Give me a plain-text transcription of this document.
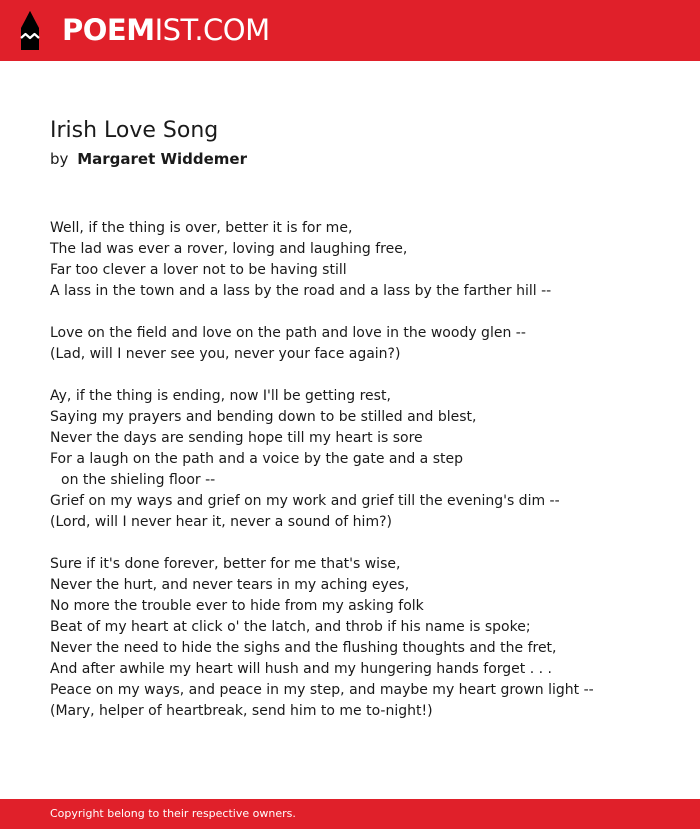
POEMIST.COM
Irish Love Song
by Margaret Widdemer
Well, if the thing is over, better it is for me,
The lad was ever a rover, loving and laughing free,
Far too clever a lover not to be having still
A lass in the town and a lass by the road and a lass by the farther hill --
Love on the field and love on the path and love in the woody glen --
(Lad, will I never see you, never your face again?)
Ay, if the thing is ending, now I'll be getting rest,
Saying my prayers and bending down to be stilled and blest,
Never the days are sending hope till my heart is sore
For a laugh on the path and a voice by the gate and a step
on the shieling floor --
Grief on my ways and grief on my work and grief till the evening's dim --
(Lord, will I never hear it, never a sound of him?)
Sure if it's done forever, better for me that's wise,
Never the hurt, and never tears in my aching eyes,
No more the trouble ever to hide from my asking folk
Beat of my heart at click o' the latch, and throb if his name is spoke;
Never the need to hide the sighs and the flushing thoughts and the fret,
And after awhile my heart will hush and my hungering hands forget . . .
Peace on my ways, and peace in my step, and maybe my heart grown light --
(Mary, helper of heartbreak, send him to me to-night!)
Copyright belong to their respective owners.
